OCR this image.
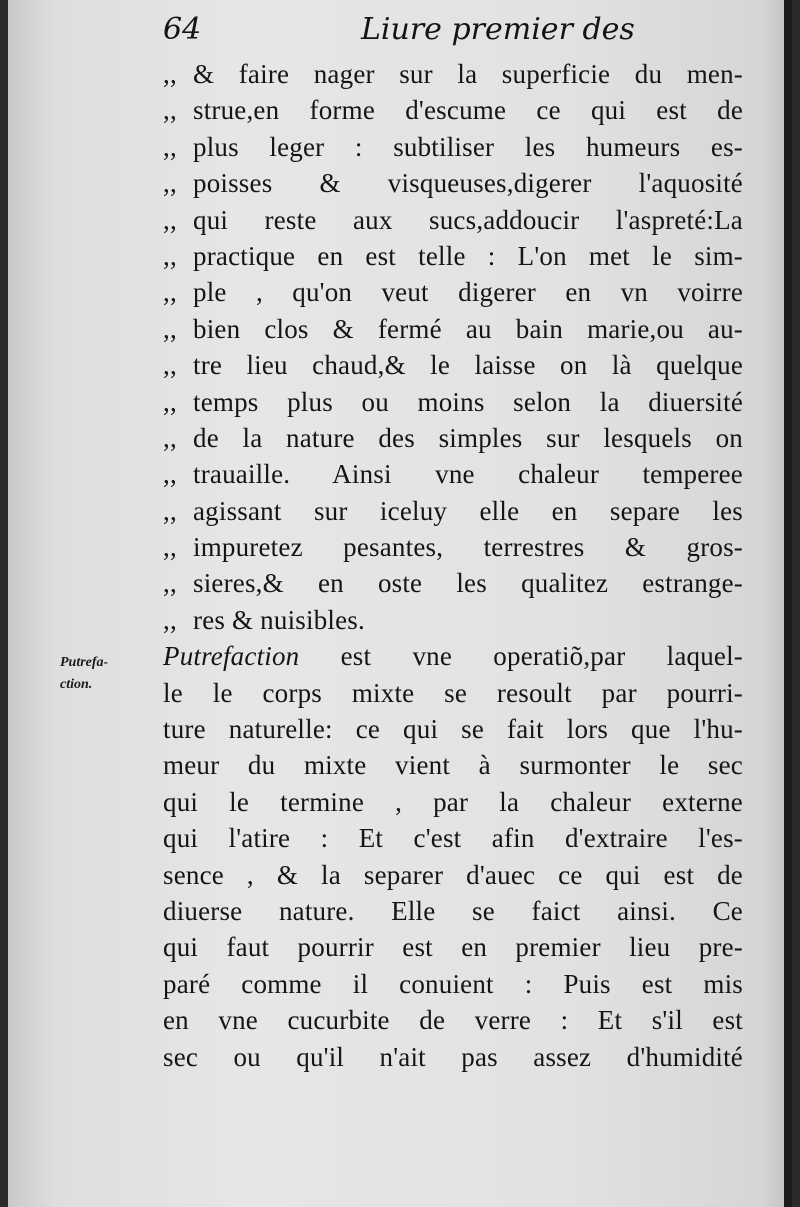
64	Liure premier des
Putrefa-
ction.
,, & faire nager sur la superficie du men-
,, strue,en forme d'escume ce qui est de
,, plus leger : subtiliser les humeurs es-
,, poisses & visqueuses,digerer l'aquosité
,, qui reste aux sucs,addoucir l'aspreté:La
,, practique en est telle : L'on met le sim-
,, ple , qu'on veut digerer en vn voirre
,, bien clos & fermé au bain marie,ou au-
,, tre lieu chaud,& le laisse on là quelque
,, temps plus ou moins selon la diuersité
,, de la nature des simples sur lesquels on
,, trauaille. Ainsi vne chaleur temperee
,, agissant sur iceluy elle en separe les
,, impuretez pesantes, terrestres & gros-
,, sieres,& en oste les qualitez estrange-
,, res & nuisibles.
Putrefaction est vne operatiõ,par laquel-
le le corps mixte se resoult par pourri-
ture naturelle: ce qui se fait lors que l'hu-
meur du mixte vient à surmonter le sec
qui le termine , par la chaleur externe
qui l'atire : Et c'est afin d'extraire l'es-
sence , & la separer d'auec ce qui est de
diuerse nature. Elle se faict ainsi. Ce
qui faut pourrir est en premier lieu pre-
paré comme il conuient : Puis est mis
en vne cucurbite de verre : Et s'il est
sec ou qu'il n'ait pas assez d'humidité
